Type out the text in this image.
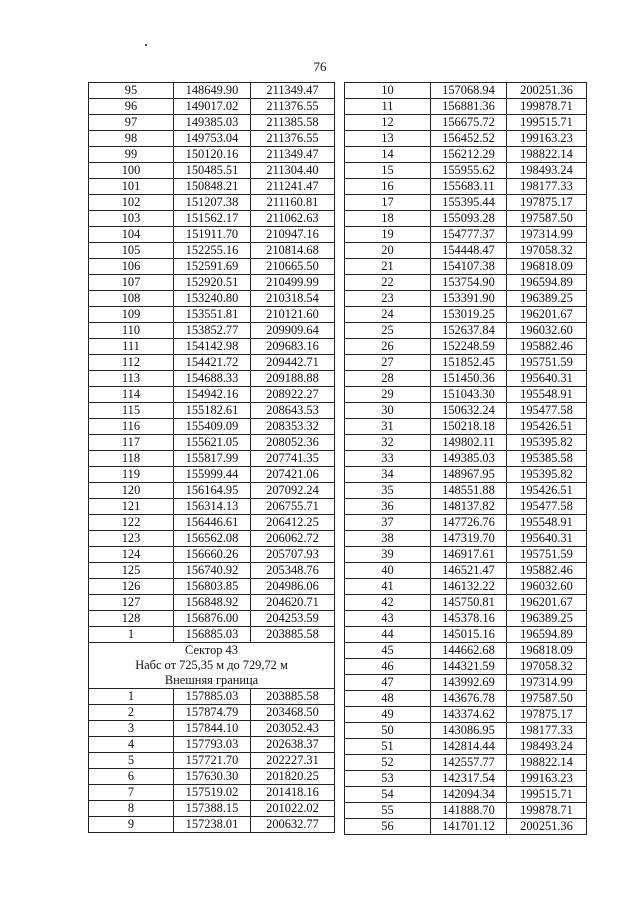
76
95	148649.90	211349.47
96	149017.02	211376.55
97	149385.03	211385.58
98	149753.04	211376.55
99	150120.16	211349.47
100	150485.51	211304.40
101	150848.21	211241.47
102	151207.38	211160.81
103	151562.17	211062.63
104	151911.70	210947.16
105	152255.16	210814.68
106	152591.69	210665.50
107	152920.51	210499.99
108	153240.80	210318.54
109	153551.81	210121.60
110	153852.77	209909.64
111	154142.98	209683.16
112	154421.72	209442.71
113	154688.33	209188.88
114	154942.16	208922.27
115	155182.61	208643.53
116	155409.09	208353.32
117	155621.05	208052.36
118	155817.99	207741.35
119	155999.44	207421.06
120	156164.95	207092.24
121	156314.13	206755.71
122	156446.61	206412.25
123	156562.08	206062.72
124	156660.26	205707.93
125	156740.92	205348.76
126	156803.85	204986.06
127	156848.92	204620.71
128	156876.00	204253.59
1	156885.03	203885.58
Сектор 43		
Набс от 725,35 м до 729,72 м		
Внешняя граница		
1	157885.03	203885.58
2	157874.79	203468.50
3	157844.10	203052.43
4	157793.03	202638.37
5	157721.70	202227.31
6	157630.30	201820.25
7	157519.02	201418.16
8	157388.15	201022.02
9	157238.01	200632.77
10	157068.94	200251.36
11	156881.36	199878.71
12	156675.72	199515.71
13	156452.52	199163.23
14	156212.29	198822.14
15	155955.62	198493.24
16	155683.11	198177.33
17	155395.44	197875.17
18	155093.28	197587.50
19	154777.37	197314.99
20	154448.47	197058.32
21	154107.38	196818.09
22	153754.90	196594.89
23	153391.90	196389.25
24	153019.25	196201.67
25	152637.84	196032.60
26	152248.59	195882.46
27	151852.45	195751.59
28	151450.36	195640.31
29	151043.30	195548.91
30	150632.24	195477.58
31	150218.18	195426.51
32	149802.11	195395.82
33	149385.03	195385.58
34	148967.95	195395.82
35	148551.88	195426.51
36	148137.82	195477.58
37	147726.76	195548.91
38	147319.70	195640.31
39	146917.61	195751.59
40	146521.47	195882.46
41	146132.22	196032.60
42	145750.81	196201.67
43	145378.16	196389.25
44	145015.16	196594.89
45	144662.68	196818.09
46	144321.59	197058.32
47	143992.69	197314.99
48	143676.78	197587.50
49	143374.62	197875.17
50	143086.95	198177.33
51	142814.44	198493.24
52	142557.77	198822.14
53	142317.54	199163.23
54	142094.34	199515.71
55	141888.70	199878.71
56	141701.12	200251.36
